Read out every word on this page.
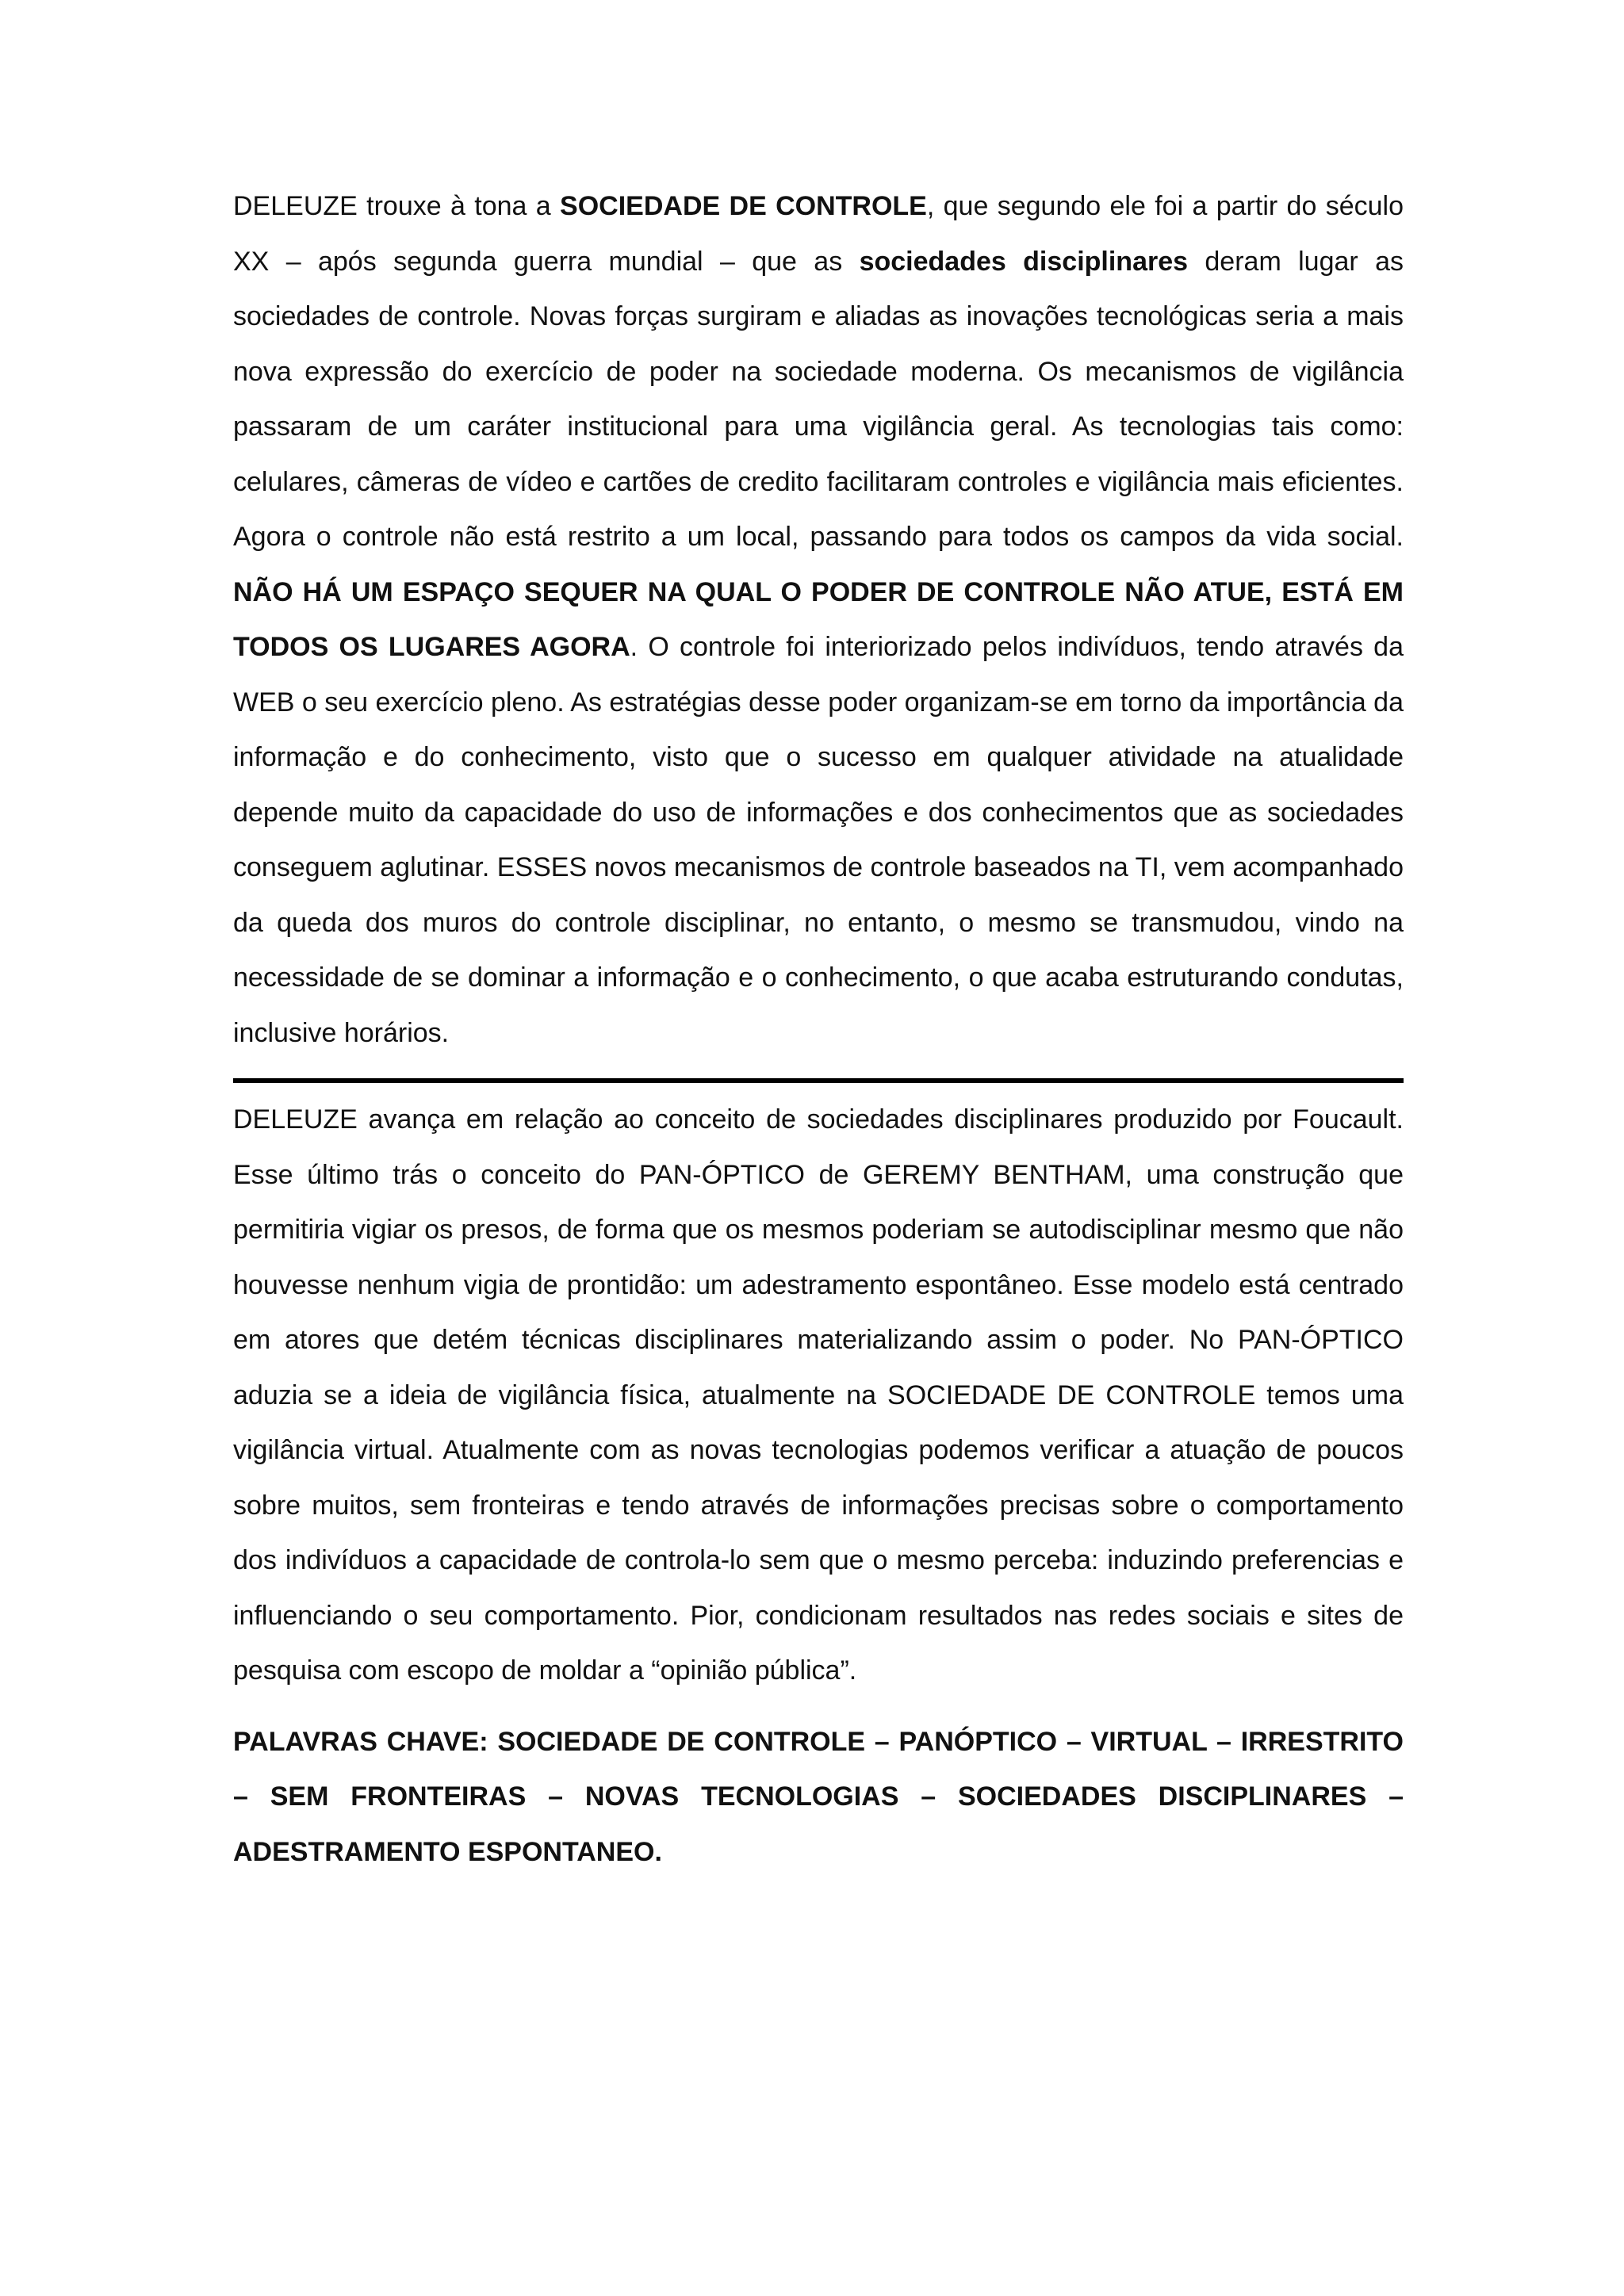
DELEUZE trouxe à tona a SOCIEDADE DE CONTROLE, que segundo ele foi a partir do século XX – após segunda guerra mundial – que as sociedades disciplinares deram lugar as sociedades de controle. Novas forças surgiram e aliadas as inovações tecnológicas seria a mais nova expressão do exercício de poder na sociedade moderna. Os mecanismos de vigilância passaram de um caráter institucional para uma vigilância geral. As tecnologias tais como: celulares, câmeras de vídeo e cartões de credito facilitaram controles e vigilância mais eficientes. Agora o controle não está restrito a um local, passando para todos os campos da vida social. NÃO HÁ UM ESPAÇO SEQUER NA QUAL O PODER DE CONTROLE NÃO ATUE, ESTÁ EM TODOS OS LUGARES AGORA. O controle foi interiorizado pelos indivíduos, tendo através da WEB o seu exercício pleno. As estratégias desse poder organizam-se em torno da importância da informação e do conhecimento, visto que o sucesso em qualquer atividade na atualidade depende muito da capacidade do uso de informações e dos conhecimentos que as sociedades conseguem aglutinar. ESSES novos mecanismos de controle baseados na TI, vem acompanhado da queda dos muros do controle disciplinar, no entanto, o mesmo se transmudou, vindo na necessidade de se dominar a informação e o conhecimento, o que acaba estruturando condutas, inclusive horários.

DELEUZE avança em relação ao conceito de sociedades disciplinares produzido por Foucault. Esse último trás o conceito do PAN-ÓPTICO de GEREMY BENTHAM, uma construção que permitiria vigiar os presos, de forma que os mesmos poderiam se autodisciplinar mesmo que não houvesse nenhum vigia de prontidão: um adestramento espontâneo. Esse modelo está centrado em atores que detém técnicas disciplinares materializando assim o poder. No PAN-ÓPTICO aduzia se a ideia de vigilância física, atualmente na SOCIEDADE DE CONTROLE temos uma vigilância virtual. Atualmente com as novas tecnologias podemos verificar a atuação de poucos sobre muitos, sem fronteiras e tendo através de informações precisas sobre o comportamento dos indivíduos a capacidade de controla-lo sem que o mesmo perceba: induzindo preferencias e influenciando o seu comportamento. Pior, condicionam resultados nas redes sociais e sites de pesquisa com escopo de moldar a “opinião pública”.

PALAVRAS CHAVE: SOCIEDADE DE CONTROLE – PANÓPTICO – VIRTUAL – IRRESTRITO – SEM FRONTEIRAS – NOVAS TECNOLOGIAS – SOCIEDADES DISCIPLINARES – ADESTRAMENTO ESPONTANEO.
